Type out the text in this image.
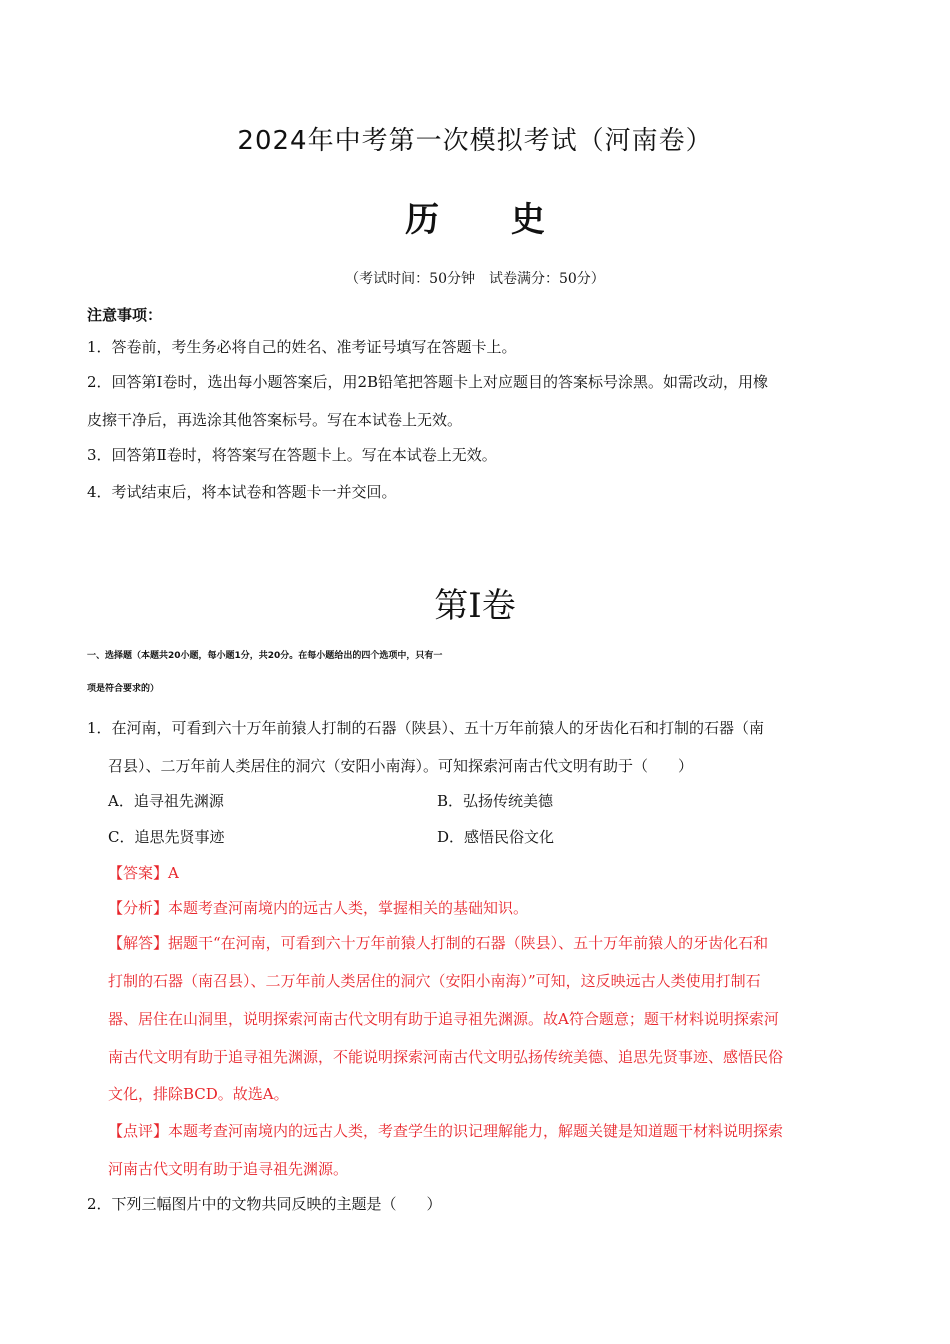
2024年中考第一次模拟考试（河南卷）
历 史
（考试时间：50分钟　试卷满分：50分）
注意事项：
1．答卷前，考生务必将自己的姓名、准考证号填写在答题卡上。
2．回答第Ⅰ卷时，选出每小题答案后，用2B铅笔把答题卡上对应题目的答案标号涂黑。如需改动，用橡
皮擦干净后，再选涂其他答案标号。写在本试卷上无效。
3．回答第Ⅱ卷时，将答案写在答题卡上。写在本试卷上无效。
4．考试结束后，将本试卷和答题卡一并交回。
第Ⅰ卷
一、选择题（本题共20小题，每小题1分，共20分。在每小题给出的四个选项中，只有一
项是符合要求的）
1．在河南，可看到六十万年前猿人打制的石器（陕县）、五十万年前猿人的牙齿化石和打制的石器（南
召县）、二万年前人类居住的洞穴（安阳小南海）。可知探索河南古代文明有助于（　　）
A．追寻祖先渊源	B．弘扬传统美德
C．追思先贤事迹	D．感悟民俗文化
【答案】A
【分析】本题考查河南境内的远古人类，掌握相关的基础知识。
【解答】据题干“在河南，可看到六十万年前猿人打制的石器（陕县）、五十万年前猿人的牙齿化石和
打制的石器（南召县）、二万年前人类居住的洞穴（安阳小南海）”可知，这反映远古人类使用打制石
器、居住在山洞里，说明探索河南古代文明有助于追寻祖先渊源。故A符合题意；题干材料说明探索河
南古代文明有助于追寻祖先渊源，不能说明探索河南古代文明弘扬传统美德、追思先贤事迹、感悟民俗
文化，排除BCD。故选A。
【点评】本题考查河南境内的远古人类，考查学生的识记理解能力，解题关键是知道题干材料说明探索
河南古代文明有助于追寻祖先渊源。
2．下列三幅图片中的文物共同反映的主题是（　　）
